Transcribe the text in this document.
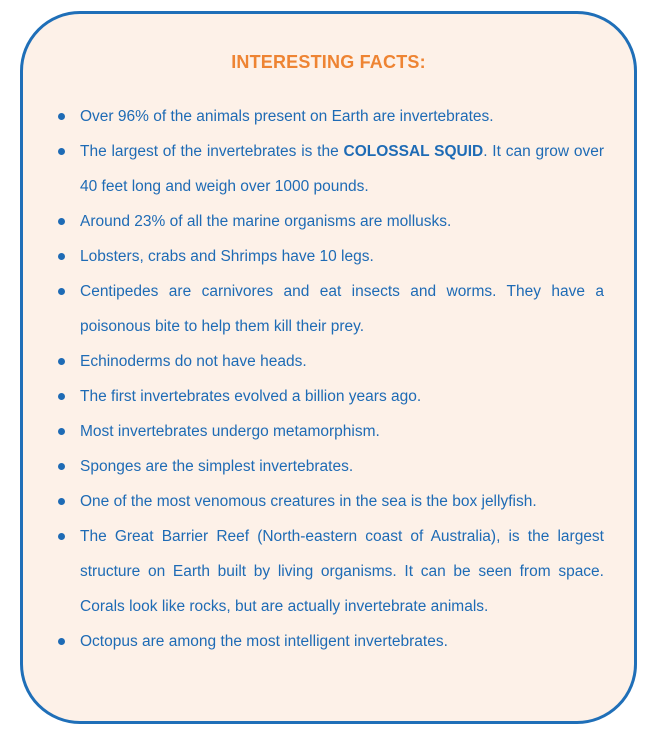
INTERESTING FACTS:
Over 96% of the animals present on Earth are invertebrates.
The largest of the invertebrates is the COLOSSAL SQUID. It can grow over 40 feet long and weigh over 1000 pounds.
Around 23% of all the marine organisms are mollusks.
Lobsters, crabs and Shrimps have 10 legs.
Centipedes are carnivores and eat insects and worms. They have a poisonous bite to help them kill their prey.
Echinoderms do not have heads.
The first invertebrates evolved a billion years ago.
Most invertebrates undergo metamorphism.
Sponges are the simplest invertebrates.
One of the most venomous creatures in the sea is the box jellyfish.
The Great Barrier Reef (North-eastern coast of Australia), is the largest structure on Earth built by living organisms. It can be seen from space. Corals look like rocks, but are actually invertebrate animals.
Octopus are among the most intelligent invertebrates.
